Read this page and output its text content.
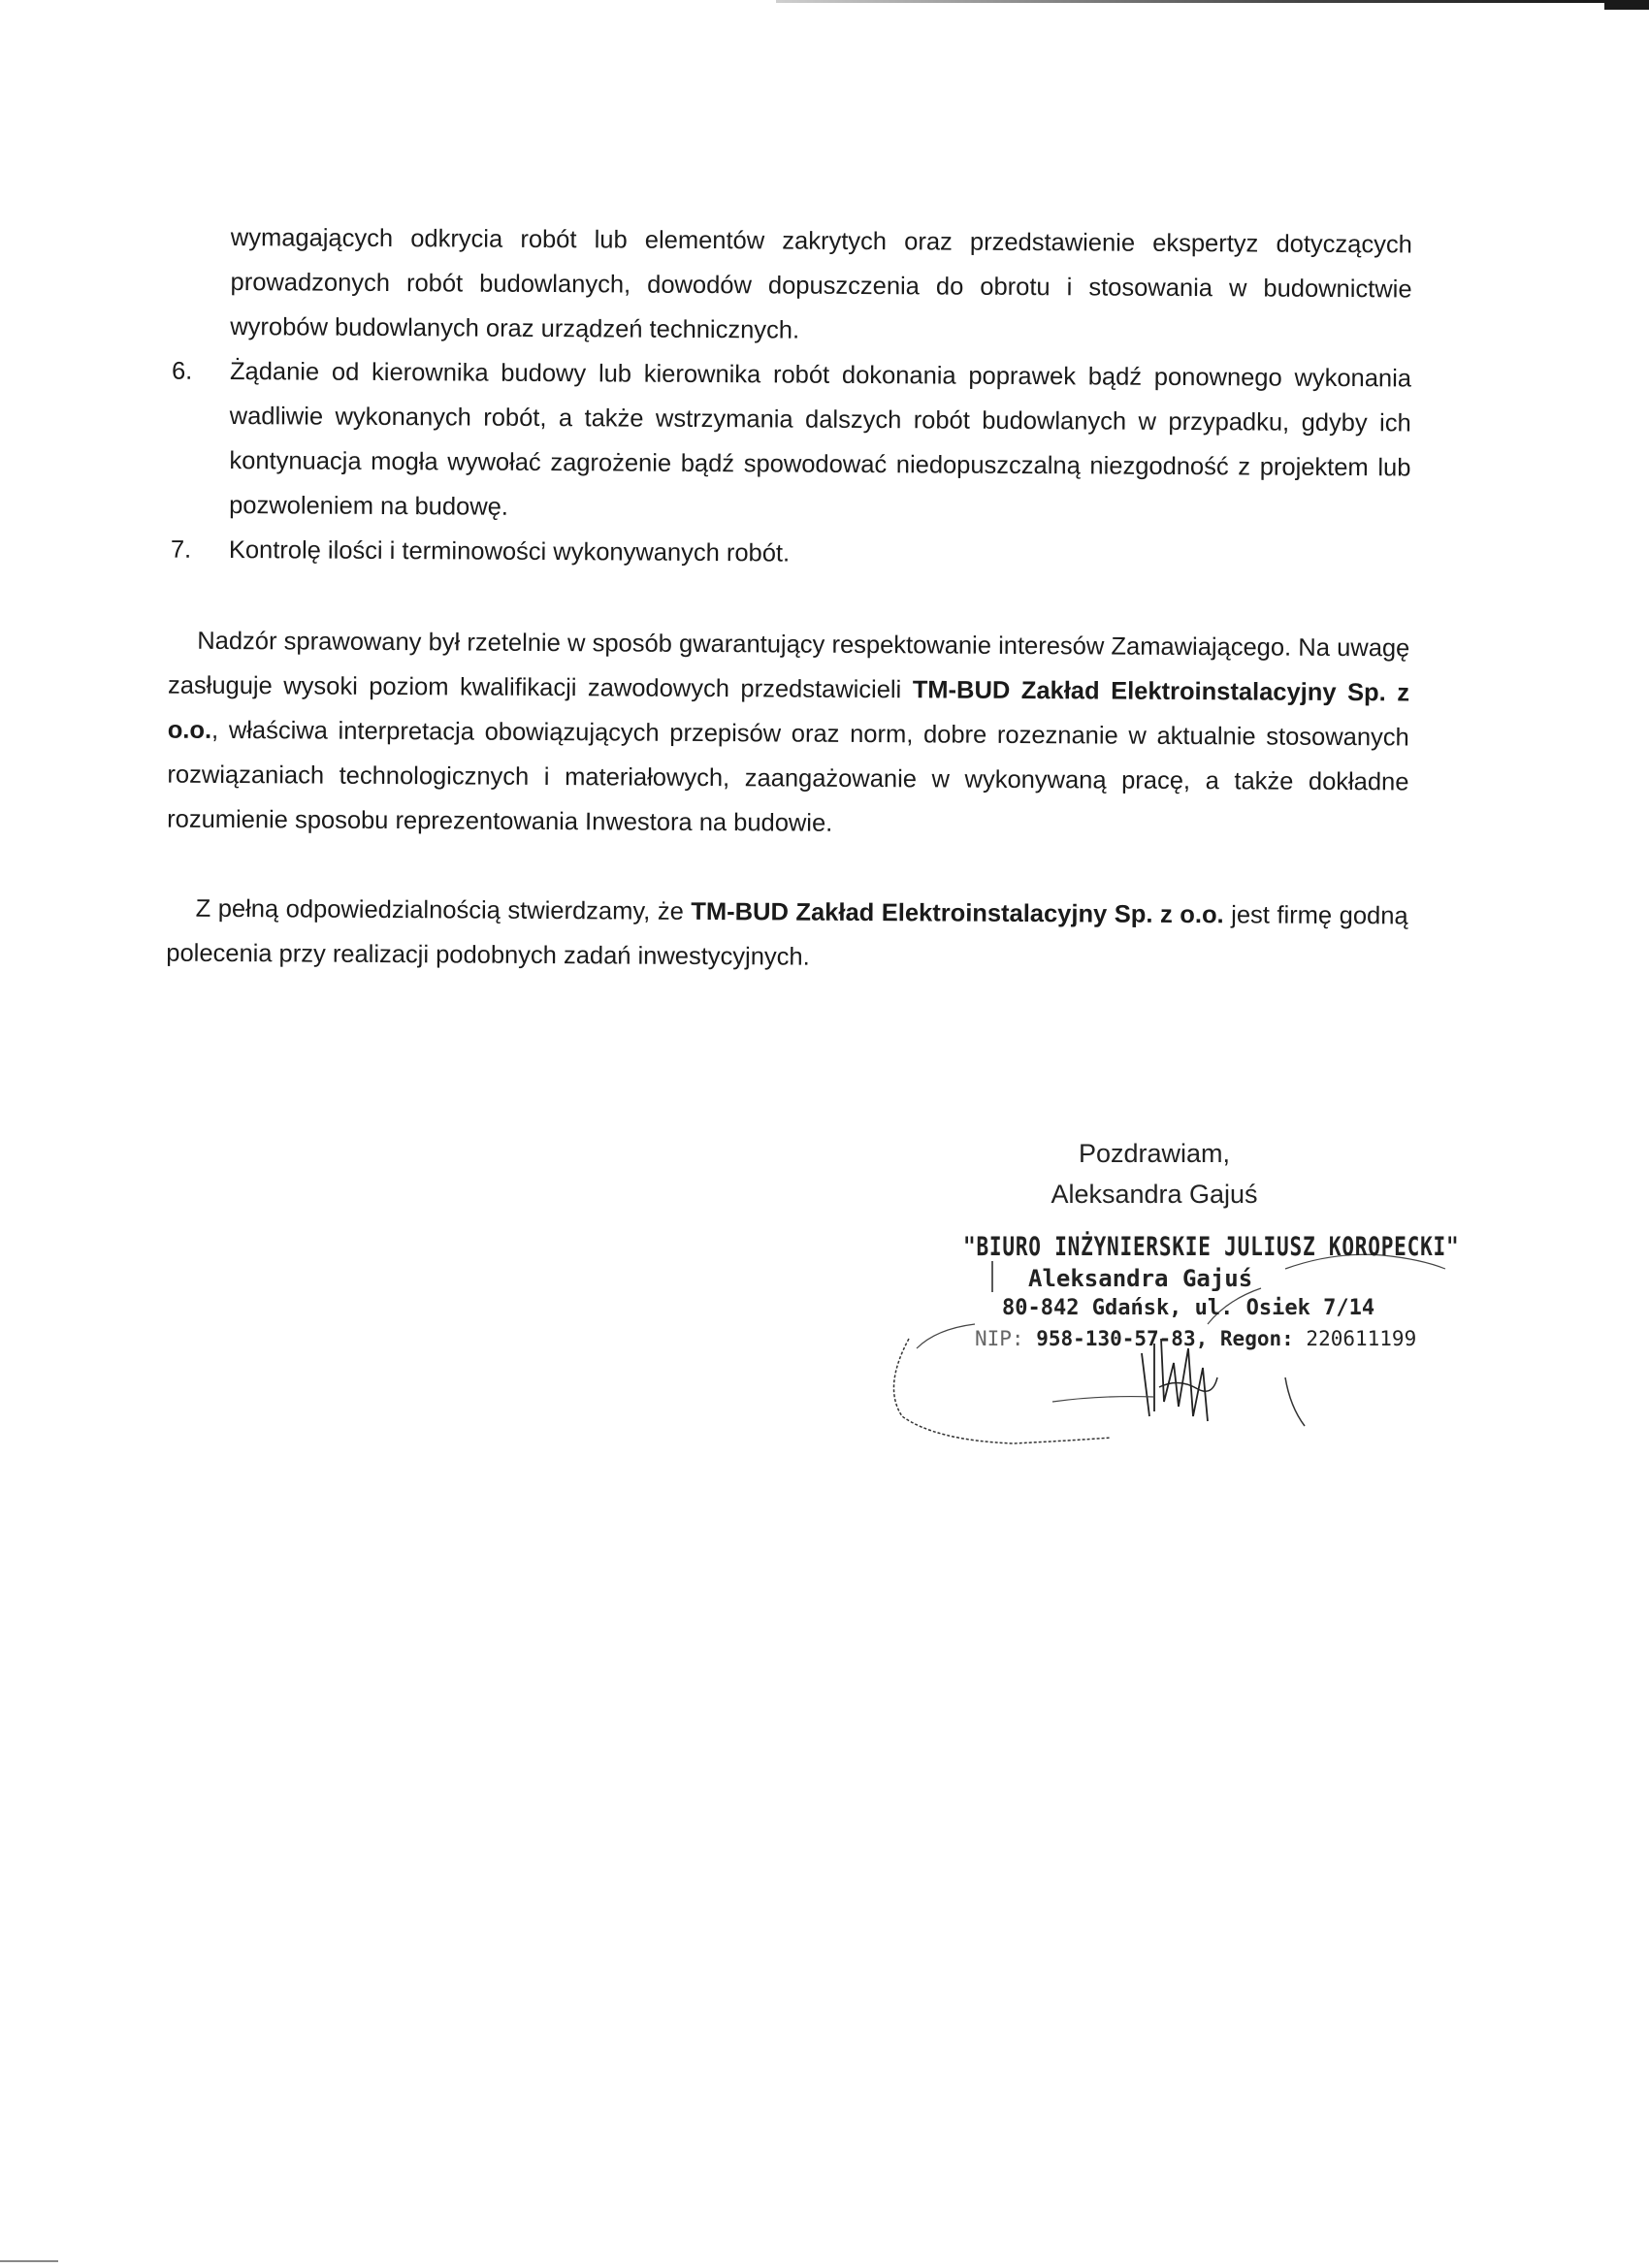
wymagających odkrycia robót lub elementów zakrytych oraz przedstawienie ekspertyz dotyczących prowadzonych robót budowlanych, dowodów dopuszczenia do obrotu i stosowania w budownictwie wyrobów budowlanych oraz urządzeń technicznych.

6. Żądanie od kierownika budowy lub kierownika robót dokonania poprawek bądź ponownego wykonania wadliwie wykonanych robót, a także wstrzymania dalszych robót budowlanych w przypadku, gdyby ich kontynuacja mogła wywołać zagrożenie bądź spowodować niedopuszczalną niezgodność z projektem lub pozwoleniem na budowę.
7. Kontrolę ilości i terminowości wykonywanych robót.

Nadzór sprawowany był rzetelnie w sposób gwarantujący respektowanie interesów Zamawiającego. Na uwagę zasługuje wysoki poziom kwalifikacji zawodowych przedstawicieli TM-BUD Zakład Elektroinstalacyjny Sp. z o.o., właściwa interpretacja obowiązujących przepisów oraz norm, dobre rozeznanie w aktualnie stosowanych rozwiązaniach technologicznych i materiałowych, zaangażowanie w wykonywaną pracę, a także dokładne rozumienie sposobu reprezentowania Inwestora na budowie.

Z pełną odpowiedzialnością stwierdzamy, że TM-BUD Zakład Elektroinstalacyjny Sp. z o.o. jest firmę godną polecenia przy realizacji podobnych zadań inwestycyjnych.

Pozdrawiam,
Aleksandra Gajuś
"BIURO INŻYNIERSKIE JULIUSZ KOROPECKI"
Aleksandra Gajuś
80-842 Gdańsk, ul. Osiek 7/14
NIP: 958-130-57-83, Regon: 220611199
